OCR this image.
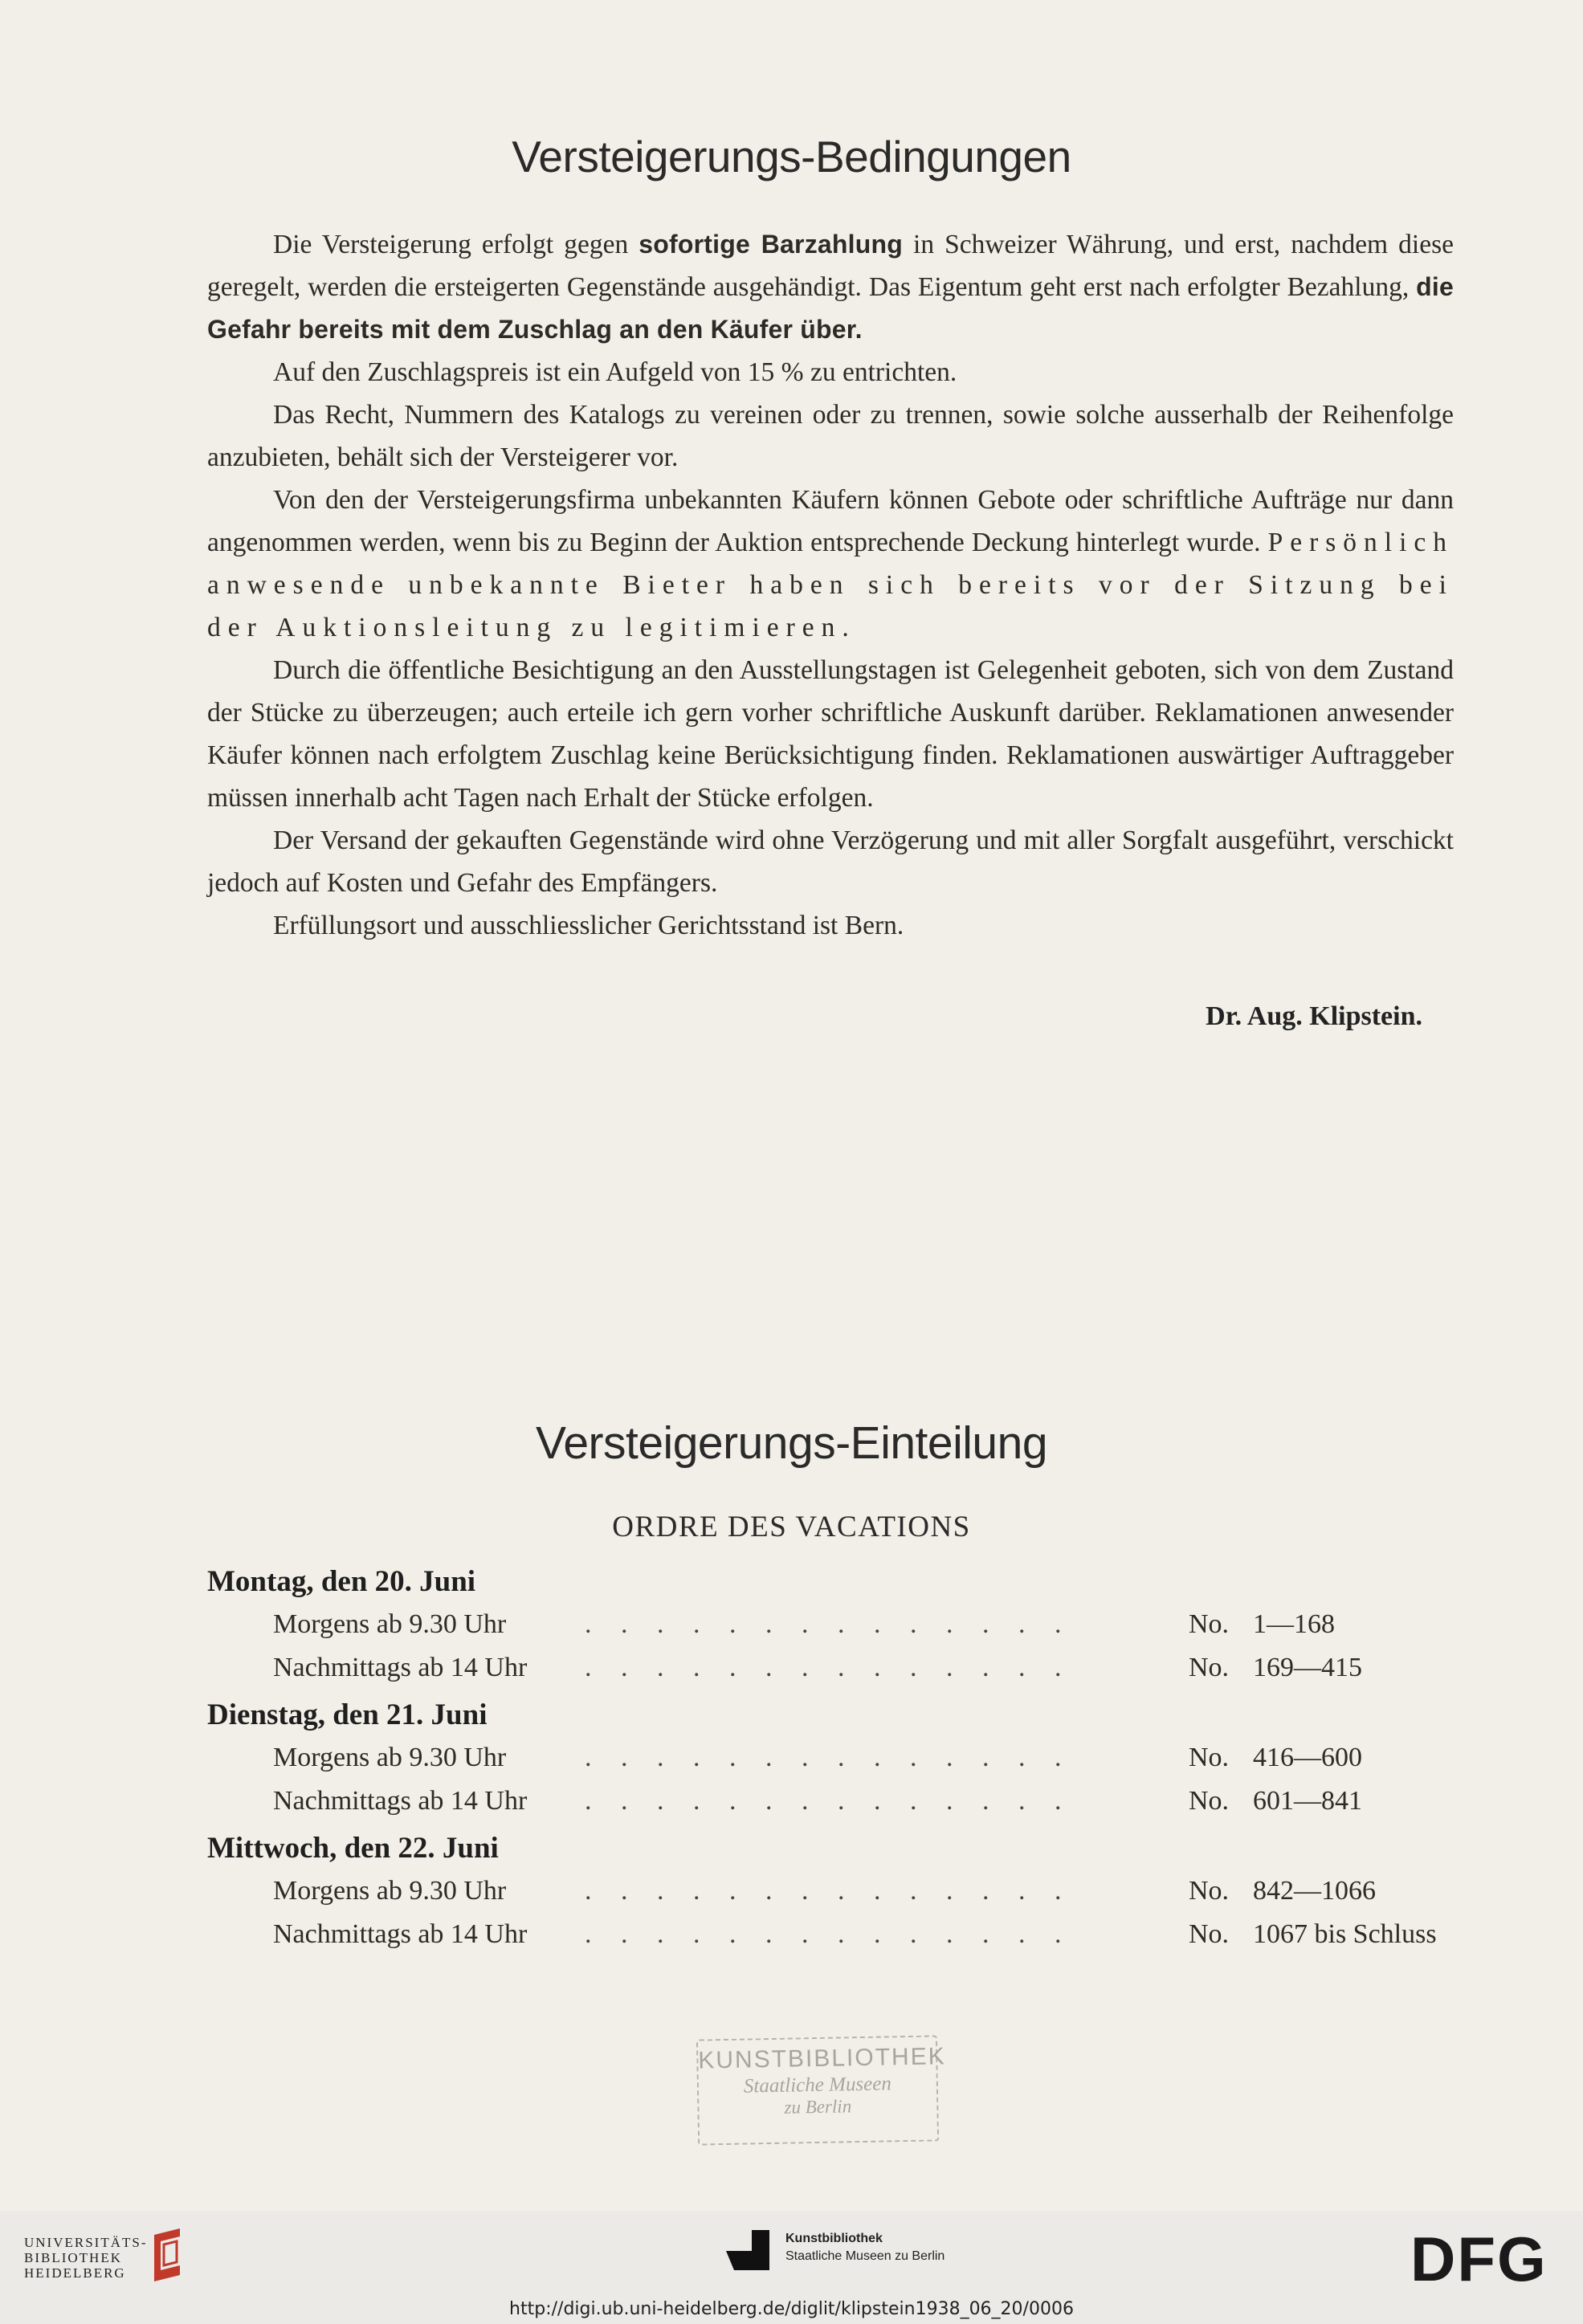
Versteigerungs-Bedingungen

Die Versteigerung erfolgt gegen sofortige Barzahlung in Schweizer Währung, und erst, nachdem diese geregelt, werden die ersteigerten Gegenstände ausgehändigt. Das Eigentum geht erst nach erfolgter Bezahlung, die Gefahr bereits mit dem Zuschlag an den Käufer über.

Auf den Zuschlagspreis ist ein Aufgeld von 15 % zu entrichten.

Das Recht, Nummern des Katalogs zu vereinen oder zu trennen, sowie solche ausserhalb der Reihenfolge anzubieten, behält sich der Versteigerer vor.

Von den der Versteigerungsfirma unbekannten Käufern können Gebote oder schriftliche Aufträge nur dann angenommen werden, wenn bis zu Beginn der Auktion entsprechende Deckung hinterlegt wurde. Persönlich anwesende unbekannte Bieter haben sich bereits vor der Sitzung bei der Auktionsleitung zu legitimieren.

Durch die öffentliche Besichtigung an den Ausstellungstagen ist Gelegenheit geboten, sich von dem Zustand der Stücke zu überzeugen; auch erteile ich gern vorher schriftliche Auskunft darüber. Reklamationen anwesender Käufer können nach erfolgtem Zuschlag keine Berücksichtigung finden. Reklamationen auswärtiger Auftraggeber müssen innerhalb acht Tagen nach Erhalt der Stücke erfolgen.

Der Versand der gekauften Gegenstände wird ohne Verzögerung und mit aller Sorgfalt ausgeführt, verschickt jedoch auf Kosten und Gefahr des Empfängers.

Erfüllungsort und ausschliesslicher Gerichtsstand ist Bern.

Dr. Aug. Klipstein.
Versteigerungs-Einteilung
ORDRE DES VACATIONS
Montag, den 20. Juni
Morgens ab 9.30 Uhr	. . . . . . . . . . . . . .	No. 1—168
Nachmittags ab 14 Uhr . . . . . . . . . . . . . .	No. 169—415
Dienstag, den 21. Juni
Morgens ab 9.30 Uhr	. . . . . . . . . . . . . .	No. 416—600
Nachmittags ab 14 Uhr . . . . . . . . . . . . . .	No. 601—841
Mittwoch, den 22. Juni
Morgens ab 9.30 Uhr	. . . . . . . . . . . . . .	No. 842—1066
Nachmittags ab 14 Uhr . . . . . . . . . . . . . .	No. 1067 bis Schluss
KUNSTBIBLIOTHEK
Staatliche Museen
zu Berlin
UNIVERSITÄTS-
BIBLIOTHEK
HEIDELBERG
Kunstbibliothek
Staatliche Museen zu Berlin	DFG
http://digi.ub.uni-heidelberg.de/diglit/klipstein1938_06_20/0006
